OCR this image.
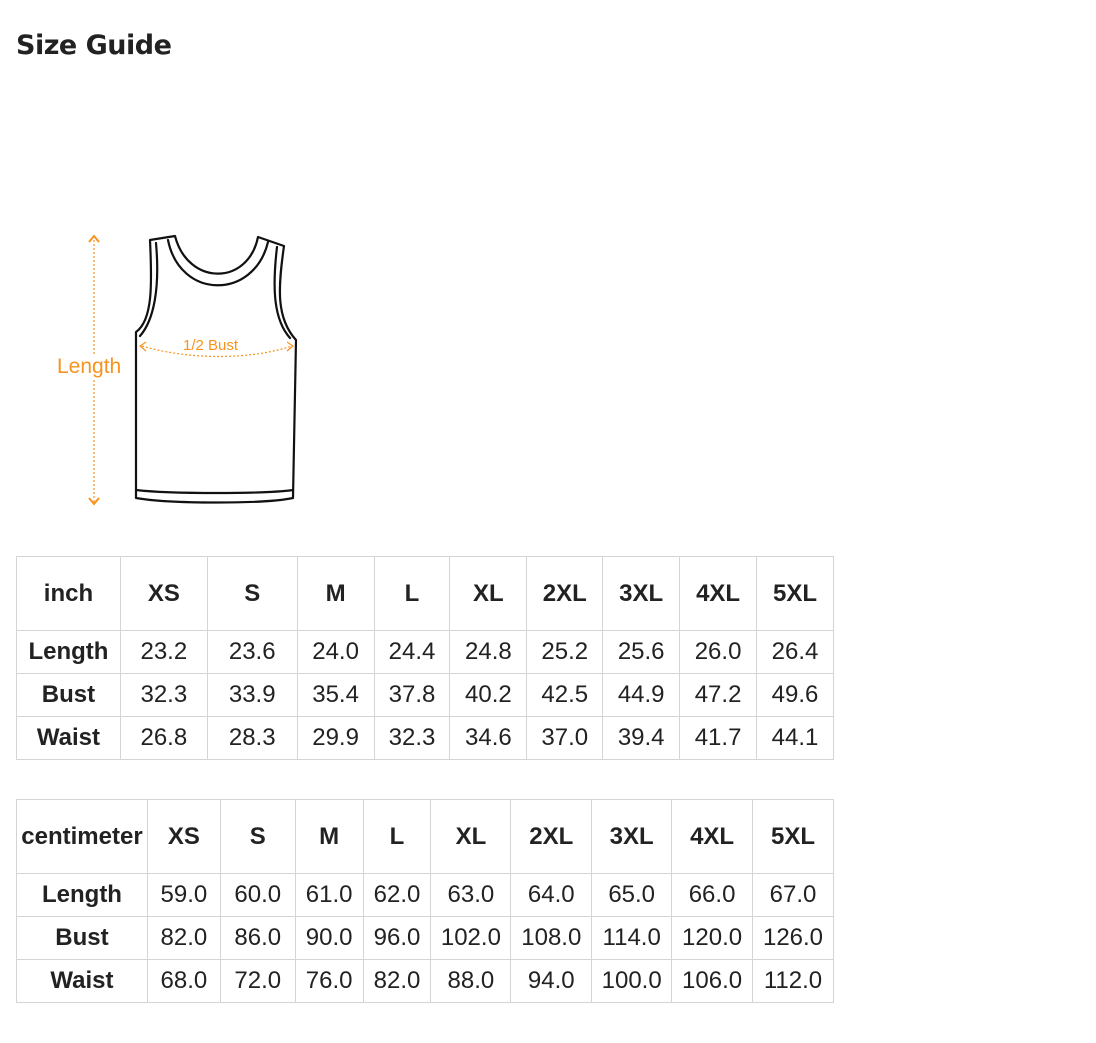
Size Guide
Length
1/2 Bust
inch	XS	S	M	L	XL	2XL	3XL	4XL	5XL
Length	23.2	23.6	24.0	24.4	24.8	25.2	25.6	26.0	26.4
Bust	32.3	33.9	35.4	37.8	40.2	42.5	44.9	47.2	49.6
Waist	26.8	28.3	29.9	32.3	34.6	37.0	39.4	41.7	44.1
centimeter	XS	S	M	L	XL	2XL	3XL	4XL	5XL
Length	59.0	60.0	61.0	62.0	63.0	64.0	65.0	66.0	67.0
Bust	82.0	86.0	90.0	96.0	102.0	108.0	114.0	120.0	126.0
Waist	68.0	72.0	76.0	82.0	88.0	94.0	100.0	106.0	112.0
